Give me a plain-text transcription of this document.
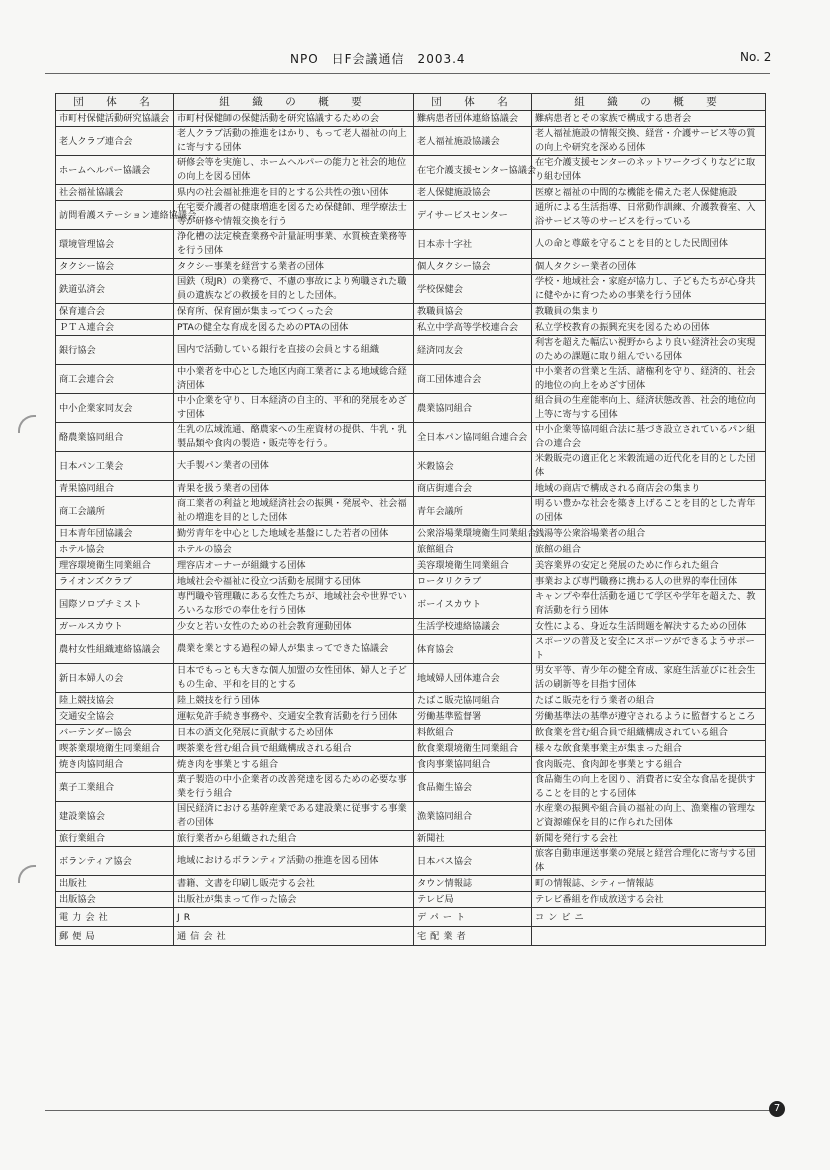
NPO　日F会議通信　2003.4	No. 2
団　体　名	組　織　の　概　要	団　体　名	組　織　の　概　要
市町村保健活動研究協議会	市町村保健師の保健活動を研究協議するための会	難病患者団体連絡協議会	難病患者とその家族で構成する患者会
老人クラブ連合会	老人クラブ活動の推進をはかり、もって老人福祉の向上に寄与する団体	老人福祉施設協議会	老人福祉施設の情報交換、経営・介護サービス等の質の向上や研究を深める団体
ホームヘルパー協議会	研修会等を実施し、ホームヘルパーの能力と社会的地位の向上を図る団体	在宅介護支援センター協議会	在宅介護支援センターのネットワークづくりなどに取り組む団体
社会福祉協議会	県内の社会福祉推進を目的とする公共性の強い団体	老人保健施設協会	医療と福祉の中間的な機能を備えた老人保健施設
訪問看護ステーション連絡協議会	在宅要介護者の健康増進を図るため保健師、理学療法士等が研修や情報交換を行う	デイサービスセンター	通所による生活指導、日常動作訓練、介護教養室、入浴サービス等のサービスを行っている
環境管理協会	浄化槽の法定検査業務や計量証明事業、水質検査業務等を行う団体	日本赤十字社	人の命と尊厳を守ることを目的とした民間団体
タクシー協会	タクシー事業を経営する業者の団体	個人タクシー協会	個人タクシー業者の団体
鉄道弘済会	国鉄（現JR）の業務で、不慮の事故により殉職された職員の遺族などの救援を目的とした団体。	学校保健会	学校・地域社会・家庭が協力し、子どもたちが心身共に健やかに育つための事業を行う団体
保育連合会	保育所、保育園が集まってつくった会	教職員協会	教職員の集まり
ＰＴＡ連合会	PTAの健全な育成を図るためのPTAの団体	私立中学高等学校連合会	私立学校教育の振興充実を図るための団体
銀行協会	国内で活動している銀行を直接の会員とする組織	経済同友会	利害を超えた幅広い視野からより良い経済社会の実現のための課題に取り組んでいる団体
商工会連合会	中小業者を中心とした地区内商工業者による地域総合経済団体	商工団体連合会	中小業者の営業と生活、諸権利を守り、経済的、社会的地位の向上をめざす団体
中小企業家同友会	中小企業を守り、日本経済の自主的、平和的発展をめざす団体	農業協同組合	組合員の生産能率向上、経済状態改善、社会的地位向上等に寄与する団体
酪農業協同組合	生乳の広域流通、酪農家への生産資材の提供、牛乳・乳製品類や食肉の製造・販売等を行う。	全日本パン協同組合連合会	中小企業等協同組合法に基づき設立されているパン組合の連合会
日本パン工業会	大手製パン業者の団体	米穀協会	米穀販売の適正化と米穀流通の近代化を目的とした団体
青果協同組合	青果を扱う業者の団体	商店街連合会	地域の商店で構成される商店会の集まり
商工会議所	商工業者の利益と地域経済社会の振興・発展や、社会福祉の増進を目的とした団体	青年会議所	明るい豊かな社会を築き上げることを目的とした青年の団体
日本青年団協議会	勤労青年を中心とした地域を基盤にした若者の団体	公衆浴場業環境衛生同業組合	銭湯等公衆浴場業者の組合
ホテル協会	ホテルの協会	旅館組合	旅館の組合
理容環境衛生同業組合	理容店オーナーが組織する団体	美容環境衛生同業組合	美容業界の安定と発展のために作られた組合
ライオンズクラブ	地域社会や福祉に役立つ活動を展開する団体	ロータリクラブ	事業および専門職務に携わる人の世界的奉仕団体
国際ソロプチミスト	専門職や管理職にある女性たちが、地域社会や世界でいろいろな形での奉仕を行う団体	ボーイスカウト	キャンプや奉仕活動を通じて学区や学年を超えた、教育活動を行う団体
ガールスカウト	少女と若い女性のための社会教育運動団体	生活学校連絡協議会	女性による、身近な生活問題を解決するための団体
農村女性組織連絡協議会	農業を業とする過程の婦人が集まってできた協議会	体育協会	スポーツの普及と安全にスポーツができるようサポート
新日本婦人の会	日本でもっとも大きな個人加盟の女性団体、婦人と子どもの生命、平和を目的とする	地域婦人団体連合会	男女平等、青少年の健全育成、家庭生活並びに社会生活の刷新等を目指す団体
陸上競技協会	陸上競技を行う団体	たばこ販売協同組合	たばこ販売を行う業者の組合
交通安全協会	運転免許手続き事務や、交通安全教育活動を行う団体	労働基準監督署	労働基準法の基準が遵守されるように監督するところ
バーテンダー協会	日本の酒文化発展に貢献するため団体	料飲組合	飲食業を営む組合員で組織構成されている組合
喫茶業環境衛生同業組合	喫茶業を営む組合員で組織構成される組合	飲食業環境衛生同業組合	様々な飲食業事業主が集まった組合
焼き肉協同組合	焼き肉を事業とする組合	食肉事業協同組合	食肉販売、食肉卸を事業とする組合
菓子工業組合	菓子製造の中小企業者の改善発達を図るための必要な事業を行う組合	食品衛生協会	食品衛生の向上を図り、消費者に安全な食品を提供することを目的とする団体
建設業協会	国民経済における基幹産業である建設業に従事する事業者の団体	漁業協同組合	水産業の振興や組合員の福祉の向上、漁業権の管理など資源確保を目的に作られた団体
旅行業組合	旅行業者から組織された組合	新聞社	新聞を発行する会社
ボランティア協会	地域におけるボランティア活動の推進を図る団体	日本バス協会	旅客自動車運送事業の発展と経営合理化に寄与する団体
出版社	書籍、文書を印刷し販売する会社	タウン情報誌	町の情報誌、シティー情報誌
出版協会	出版社が集まって作った協会	テレビ局	テレビ番組を作成放送する会社
電力会社	JR	デパート	コンビニ
郵便局	通信会社	宅配業者	
7
